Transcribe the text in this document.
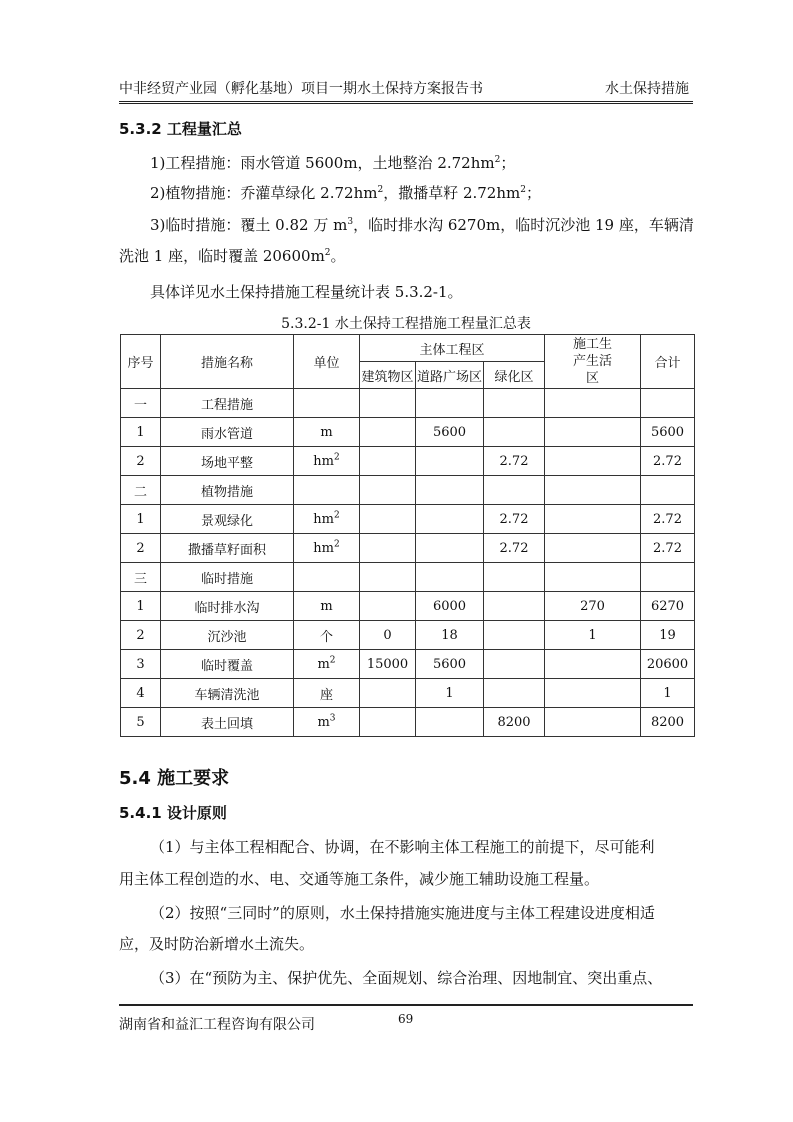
中非经贸产业园（孵化基地）项目一期水土保持方案报告书	水土保持措施
5.3.2 工程量汇总
1)工程措施：雨水管道 5600m，土地整治 $2.72hm^2$；
2)植物措施：乔灌草绿化 $2.72hm^2$，撒播草籽 $2.72hm^2$；
3)临时措施：覆土 0.82 万 $m^3$，临时排水沟 6270m，临时沉沙池 19 座，车辆清
洗池 1 座，临时覆盖 $20600m^2$。
具体详见水土保持措施工程量统计表 5.3.2-1。
5.3.2-1 水土保持工程措施工程量汇总表
序号	措施名称	单位	主体工程区			施工生产生活区	合计
			建筑物区	道路广场区	绿化区		
一	工程措施						
1	雨水管道	m		5600			5600
2	场地平整	$hm^2$			2.72		2.72
二	植物措施						
1	景观绿化	$hm^2$			2.72		2.72
2	撒播草籽面积	$hm^2$			2.72		2.72
三	临时措施						
1	临时排水沟	m		6000		270	6270
2	沉沙池	个	0	18		1	19
3	临时覆盖	$m^2$	15000	5600			20600
4	车辆清洗池	座		1			1
5	表土回填	$m^3$			8200		8200
5.4 施工要求
5.4.1 设计原则
（1）与主体工程相配合、协调，在不影响主体工程施工的前提下，尽可能利
用主体工程创造的水、电、交通等施工条件，减少施工辅助设施工程量。
（2）按照“三同时”的原则，水土保持措施实施进度与主体工程建设进度相适
应，及时防治新增水土流失。
（3）在“预防为主、保护优先、全面规划、综合治理、因地制宜、突出重点、
湖南省和益汇工程咨询有限公司	69
